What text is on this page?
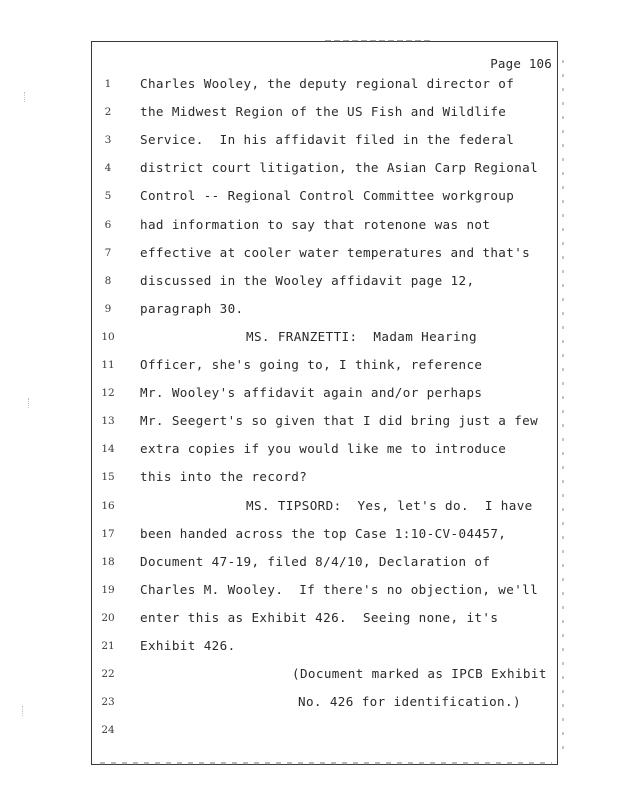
Page 106
1	Charles Wooley, the deputy regional director of
2	the Midwest Region of the US Fish and Wildlife
3	Service.  In his affidavit filed in the federal
4	district court litigation, the Asian Carp Regional
5	Control -- Regional Control Committee workgroup
6	had information to say that rotenone was not
7	effective at cooler water temperatures and that's
8	discussed in the Wooley affidavit page 12,
9	paragraph 30.
10	MS. FRANZETTI:  Madam Hearing
11	Officer, she's going to, I think, reference
12	Mr. Wooley's affidavit again and/or perhaps
13	Mr. Seegert's so given that I did bring just a few
14	extra copies if you would like me to introduce
15	this into the record?
16	MS. TIPSORD:  Yes, let's do.  I have
17	been handed across the top Case 1:10-CV-04457,
18	Document 47-19, filed 8/4/10, Declaration of
19	Charles M. Wooley.  If there's no objection, we'll
20	enter this as Exhibit 426.  Seeing none, it's
21	Exhibit 426.
22	(Document marked as IPCB Exhibit
23	No. 426 for identification.)
24
